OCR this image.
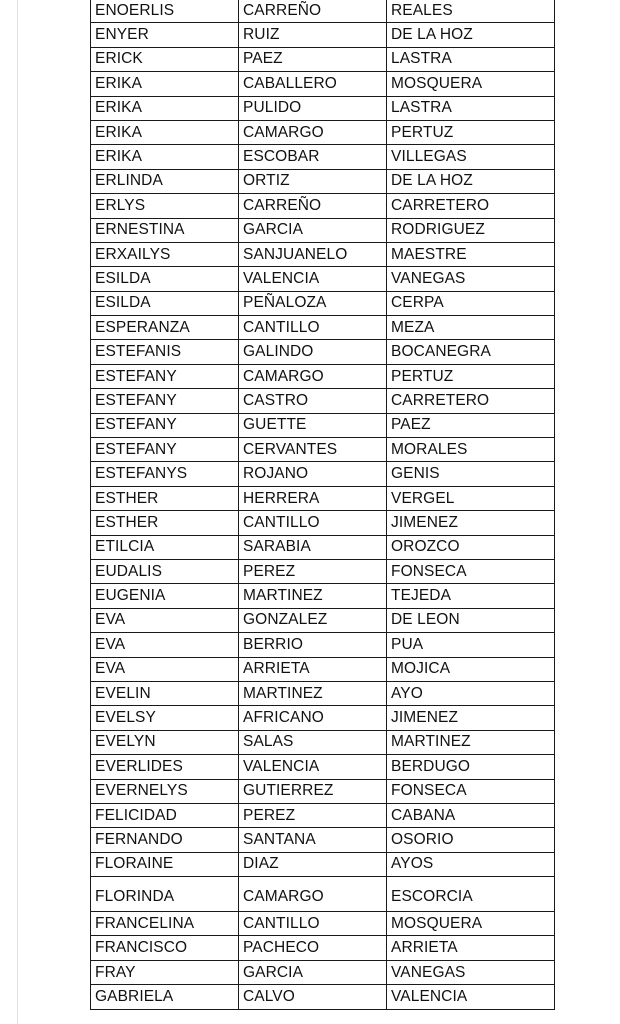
ENOERLIS	CARREÑO	REALES
ENYER	RUIZ	DE LA HOZ
ERICK	PAEZ	LASTRA
ERIKA	CABALLERO	MOSQUERA
ERIKA	PULIDO	LASTRA
ERIKA	CAMARGO	PERTUZ
ERIKA	ESCOBAR	VILLEGAS
ERLINDA	ORTIZ	DE LA HOZ
ERLYS	CARREÑO	CARRETERO
ERNESTINA	GARCIA	RODRIGUEZ
ERXAILYS	SANJUANELO	MAESTRE
ESILDA	VALENCIA	VANEGAS
ESILDA	PEÑALOZA	CERPA
ESPERANZA	CANTILLO	MEZA
ESTEFANIS	GALINDO	BOCANEGRA
ESTEFANY	CAMARGO	PERTUZ
ESTEFANY	CASTRO	CARRETERO
ESTEFANY	GUETTE	PAEZ
ESTEFANY	CERVANTES	MORALES
ESTEFANYS	ROJANO	GENIS
ESTHER	HERRERA	VERGEL
ESTHER	CANTILLO	JIMENEZ
ETILCIA	SARABIA	OROZCO
EUDALIS	PEREZ	FONSECA
EUGENIA	MARTINEZ	TEJEDA
EVA	GONZALEZ	DE LEON
EVA	BERRIO	PUA
EVA	ARRIETA	MOJICA
EVELIN	MARTINEZ	AYO
EVELSY	AFRICANO	JIMENEZ
EVELYN	SALAS	MARTINEZ
EVERLIDES	VALENCIA	BERDUGO
EVERNELYS	GUTIERREZ	FONSECA
FELICIDAD	PEREZ	CABANA
FERNANDO	SANTANA	OSORIO
FLORAINE	DIAZ	AYOS
FLORINDA	CAMARGO	ESCORCIA
FRANCELINA	CANTILLO	MOSQUERA
FRANCISCO	PACHECO	ARRIETA
FRAY	GARCIA	VANEGAS
GABRIELA	CALVO	VALENCIA
